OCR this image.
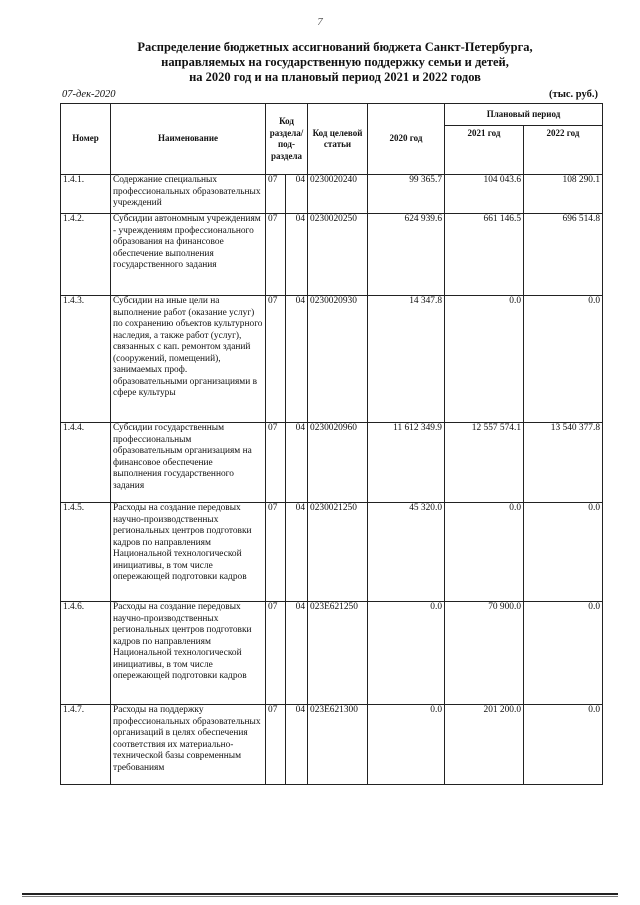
7
Распределение бюджетных ассигнований бюджета Санкт-Петербурга,
направляемых на государственную поддержку семьи и детей,
на 2020 год и на плановый период 2021 и 2022 годов
07-дек-2020	(тыс. руб.)
Номер	Наименование	Код раздела/ под-раздела		Код целевой статьи	2020 год	Плановый период	
						2021 год	2022 год
1.4.1.	Содержание специальных профессиональных образовательных учреждений	07	04	0230020240	99 365.7	104 043.6	108 290.1
1.4.2.	Субсидии автономным учреждениям - учреждениям профессионального образования на финансовое обеспечение выполнения государственного задания	07	04	0230020250	624 939.6	661 146.5	696 514.8
1.4.3.	Субсидии на иные цели на выполнение работ (оказание услуг) по сохранению объектов культурного наследия, а также работ (услуг), связанных с кап. ремонтом зданий (сооружений, помещений), занимаемых проф. образовательными организациями в сфере культуры	07	04	0230020930	14 347.8	0.0	0.0
1.4.4.	Субсидии государственным профессиональным образовательным организациям на финансовое обеспечение выполнения государственного задания	07	04	0230020960	11 612 349.9	12 557 574.1	13 540 377.8
1.4.5.	Расходы на создание передовых научно-производственных региональных центров подготовки кадров по направлениям Национальной технологической инициативы, в том числе опережающей подготовки кадров	07	04	0230021250	45 320.0	0.0	0.0
1.4.6.	Расходы на создание передовых научно-производственных региональных центров подготовки кадров по направлениям Национальной технологической инициативы, в том числе опережающей подготовки кадров	07	04	023E621250	0.0	70 900.0	0.0
1.4.7.	Расходы на поддержку профессиональных образовательных организаций в целях обеспечения соответствия их материально-технической базы современным требованиям	07	04	023E621300	0.0	201 200.0	0.0
